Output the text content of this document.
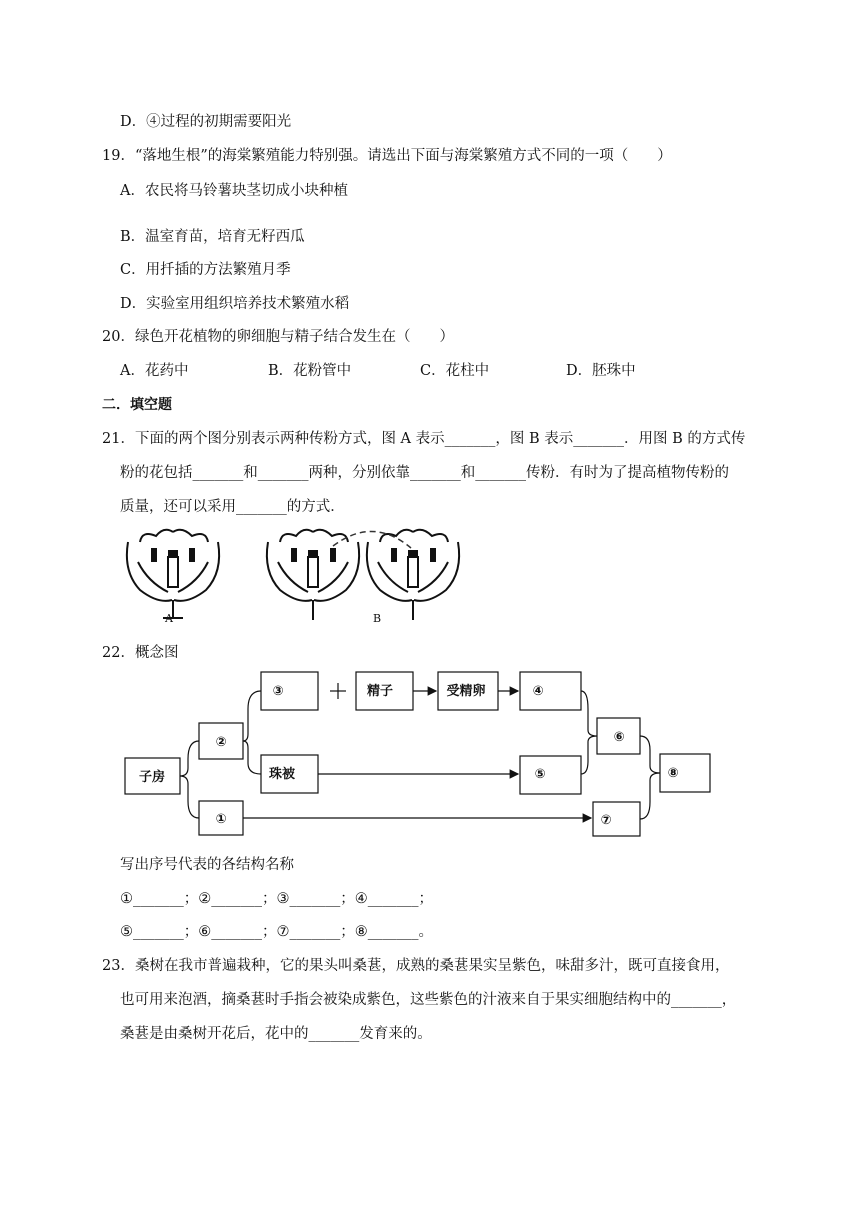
D．④过程的初期需要阳光
19．“落地生根”的海棠繁殖能力特别强。请选出下面与海棠繁殖方式不同的一项（　　）
A．农民将马铃薯块茎切成小块种植
B．温室育苗，培育无籽西瓜
C．用扦插的方法繁殖月季
D．实验室用组织培养技术繁殖水稻
20．绿色开花植物的卵细胞与精子结合发生在（　　）
A．花药中	B．花粉管中	C．花柱中	D．胚珠中
二．填空题
21．下面的两个图分别表示两种传粉方式，图 A 表示_______，图 B 表示_______．用图 B 的方式传
粉的花包括_______和_______两种，分别依靠_______和_______传粉．有时为了提高植物传粉的
质量，还可以采用_______的方式．
A	B
22．概念图
子房
②
①
③	精子	受精卵	④
珠被	⑤
⑥
⑦
⑧
写出序号代表的各结构名称
①_______；②_______；③_______；④_______；
⑤_______；⑥_______；⑦_______；⑧_______。
23．桑树在我市普遍栽种，它的果头叫桑葚，成熟的桑葚果实呈紫色，味甜多汁，既可直接食用，
也可用来泡酒，摘桑葚时手指会被染成紫色，这些紫色的汁液来自于果实细胞结构中的_______，
桑葚是由桑树开花后，花中的_______发育来的。
